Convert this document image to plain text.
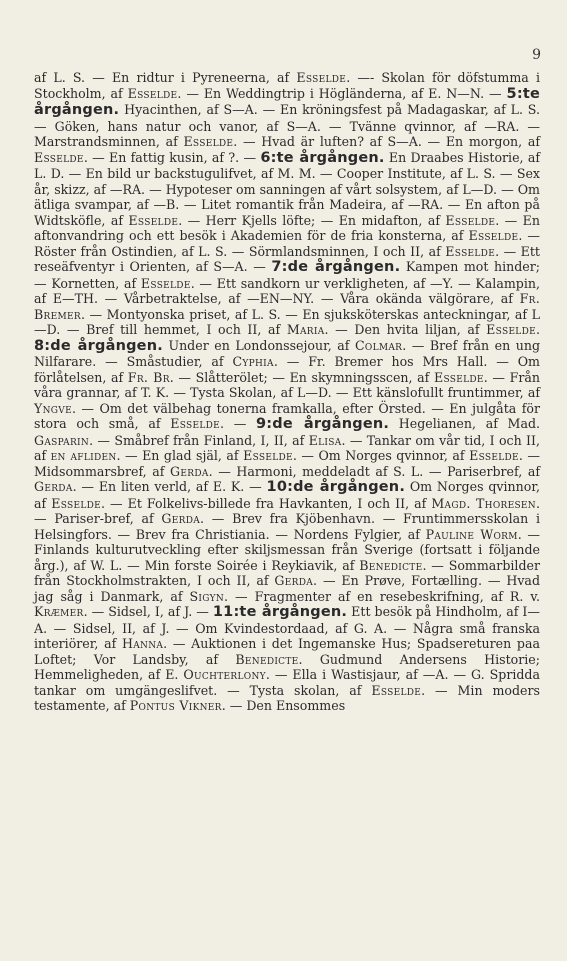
9
af L. S. — En ridtur i Pyreneerna, af Esselde. —- Skolan för döfstumma i Stockholm, af Esselde. — En Weddingtrip i Högländerna, af E. N—N. — 5:te årgången. Hyacinthen, af S—A. — En kröningsfest på Madagaskar, af L. S. — Göken, hans natur och vanor, af S—A. — Tvänne qvinnor, af —RA. — Marstrandsminnen, af Esselde. — Hvad är luften? af S—A. — En morgon, af Esselde. — En fattig kusin, af ?. — 6:te årgången. En Draabes Historie, af L. D. — En bild ur backstugulifvet, af M. M. — Cooper Institute, af L. S. — Sex år, skizz, af —RA. — Hypoteser om sanningen af vårt solsystem, af L—D. — Om ätliga svampar, af —B. — Litet romantik från Madeira, af —RA. — En afton på Widtsköfle, af Esselde. — Herr Kjells löfte; — En midafton, af Esselde. — En aftonvandring och ett besök i Akademien för de fria konsterna, af Esselde. — Röster från Ostindien, af L. S. — Sörmlandsminnen, I och II, af Esselde. — Ett reseäfventyr i Orienten, af S—A. — 7:de årgången. Kampen mot hinder; — Kornetten, af Esselde. — Ett sandkorn ur verkligheten, af —Y. — Kalampin, af E—TH. — Vårbetraktelse, af —EN—NY. — Våra okända välgörare, af Fr. Bremer. — Montyonska priset, af L. S. — En sjuksköterskas anteckningar, af L—D. — Bref till hemmet, I och II, af Maria. — Den hvita liljan, af Esselde. 8:de årgången. Under en Londonssejour, af Colmar. — Bref från en ung Nilfarare. — Småstudier, af Cyphia. — Fr. Bremer hos Mrs Hall. — Om förlåtelsen, af Fr. Br. — Slåtterölet; — En skymningsscen, af Esselde. — Från våra grannar, af T. K. — Tysta Skolan, af L—D. — Ett känslofullt fruntimmer, af Yngve. — Om det välbehag tonerna framkalla, efter Örsted. — En julgåta för stora och små, af Esselde. — 9:de årgången. Hegelianen, af Mad. Gasparin. — Småbref från Finland, I, II, af Elisa. — Tankar om vår tid, I och II, af en afliden. — En glad själ, af Esselde. — Om Norges qvinnor, af Esselde. — Midsommarsbref, af Gerda. — Harmoni, meddeladt af S. L. — Pariserbref, af Gerda. — En liten verld, af E. K. — 10:de årgången. Om Norges qvinnor, af Esselde. — Et Folkelivs-billede fra Havkanten, I och II, af Magd. Thoresen. — Pariser-bref, af Gerda. — Brev fra Kjöbenhavn. — Fruntimmersskolan i Helsingfors. — Brev fra Christiania. — Nordens Fylgier, af Pauline Worm. — Finlands kulturutveckling efter skiljsmessan från Sverige (fortsatt i följande årg.), af W. L. — Min forste Soirée i Reykiavik, af Benedicte. — Sommarbilder från Stockholmstrakten, I och II, af Gerda. — En Prøve, Fortælling. — Hvad jag såg i Danmark, af Sigyn. — Fragmenter af en resebeskrifning, af R. v. Kræmer. — Sidsel, I, af J. — 11:te årgången. Ett besök på Hindholm, af I—A. — Sidsel, II, af J. — Om Kvindestordaad, af G. A. — Några små franska interiörer, af Hanna. — Auktionen i det Ingemanske Hus; Spadsereturen paa Loftet; Vor Landsby, af Benedicte. Gudmund Andersens Historie; Hemmeligheden, af E. Ouchterlony. — Ella i Wastisjaur, af —A. — G. Spridda tankar om umgängeslifvet. — Tysta skolan, af Esselde. — Min moders testamente, af Pontus Vikner. — Den Ensommes
